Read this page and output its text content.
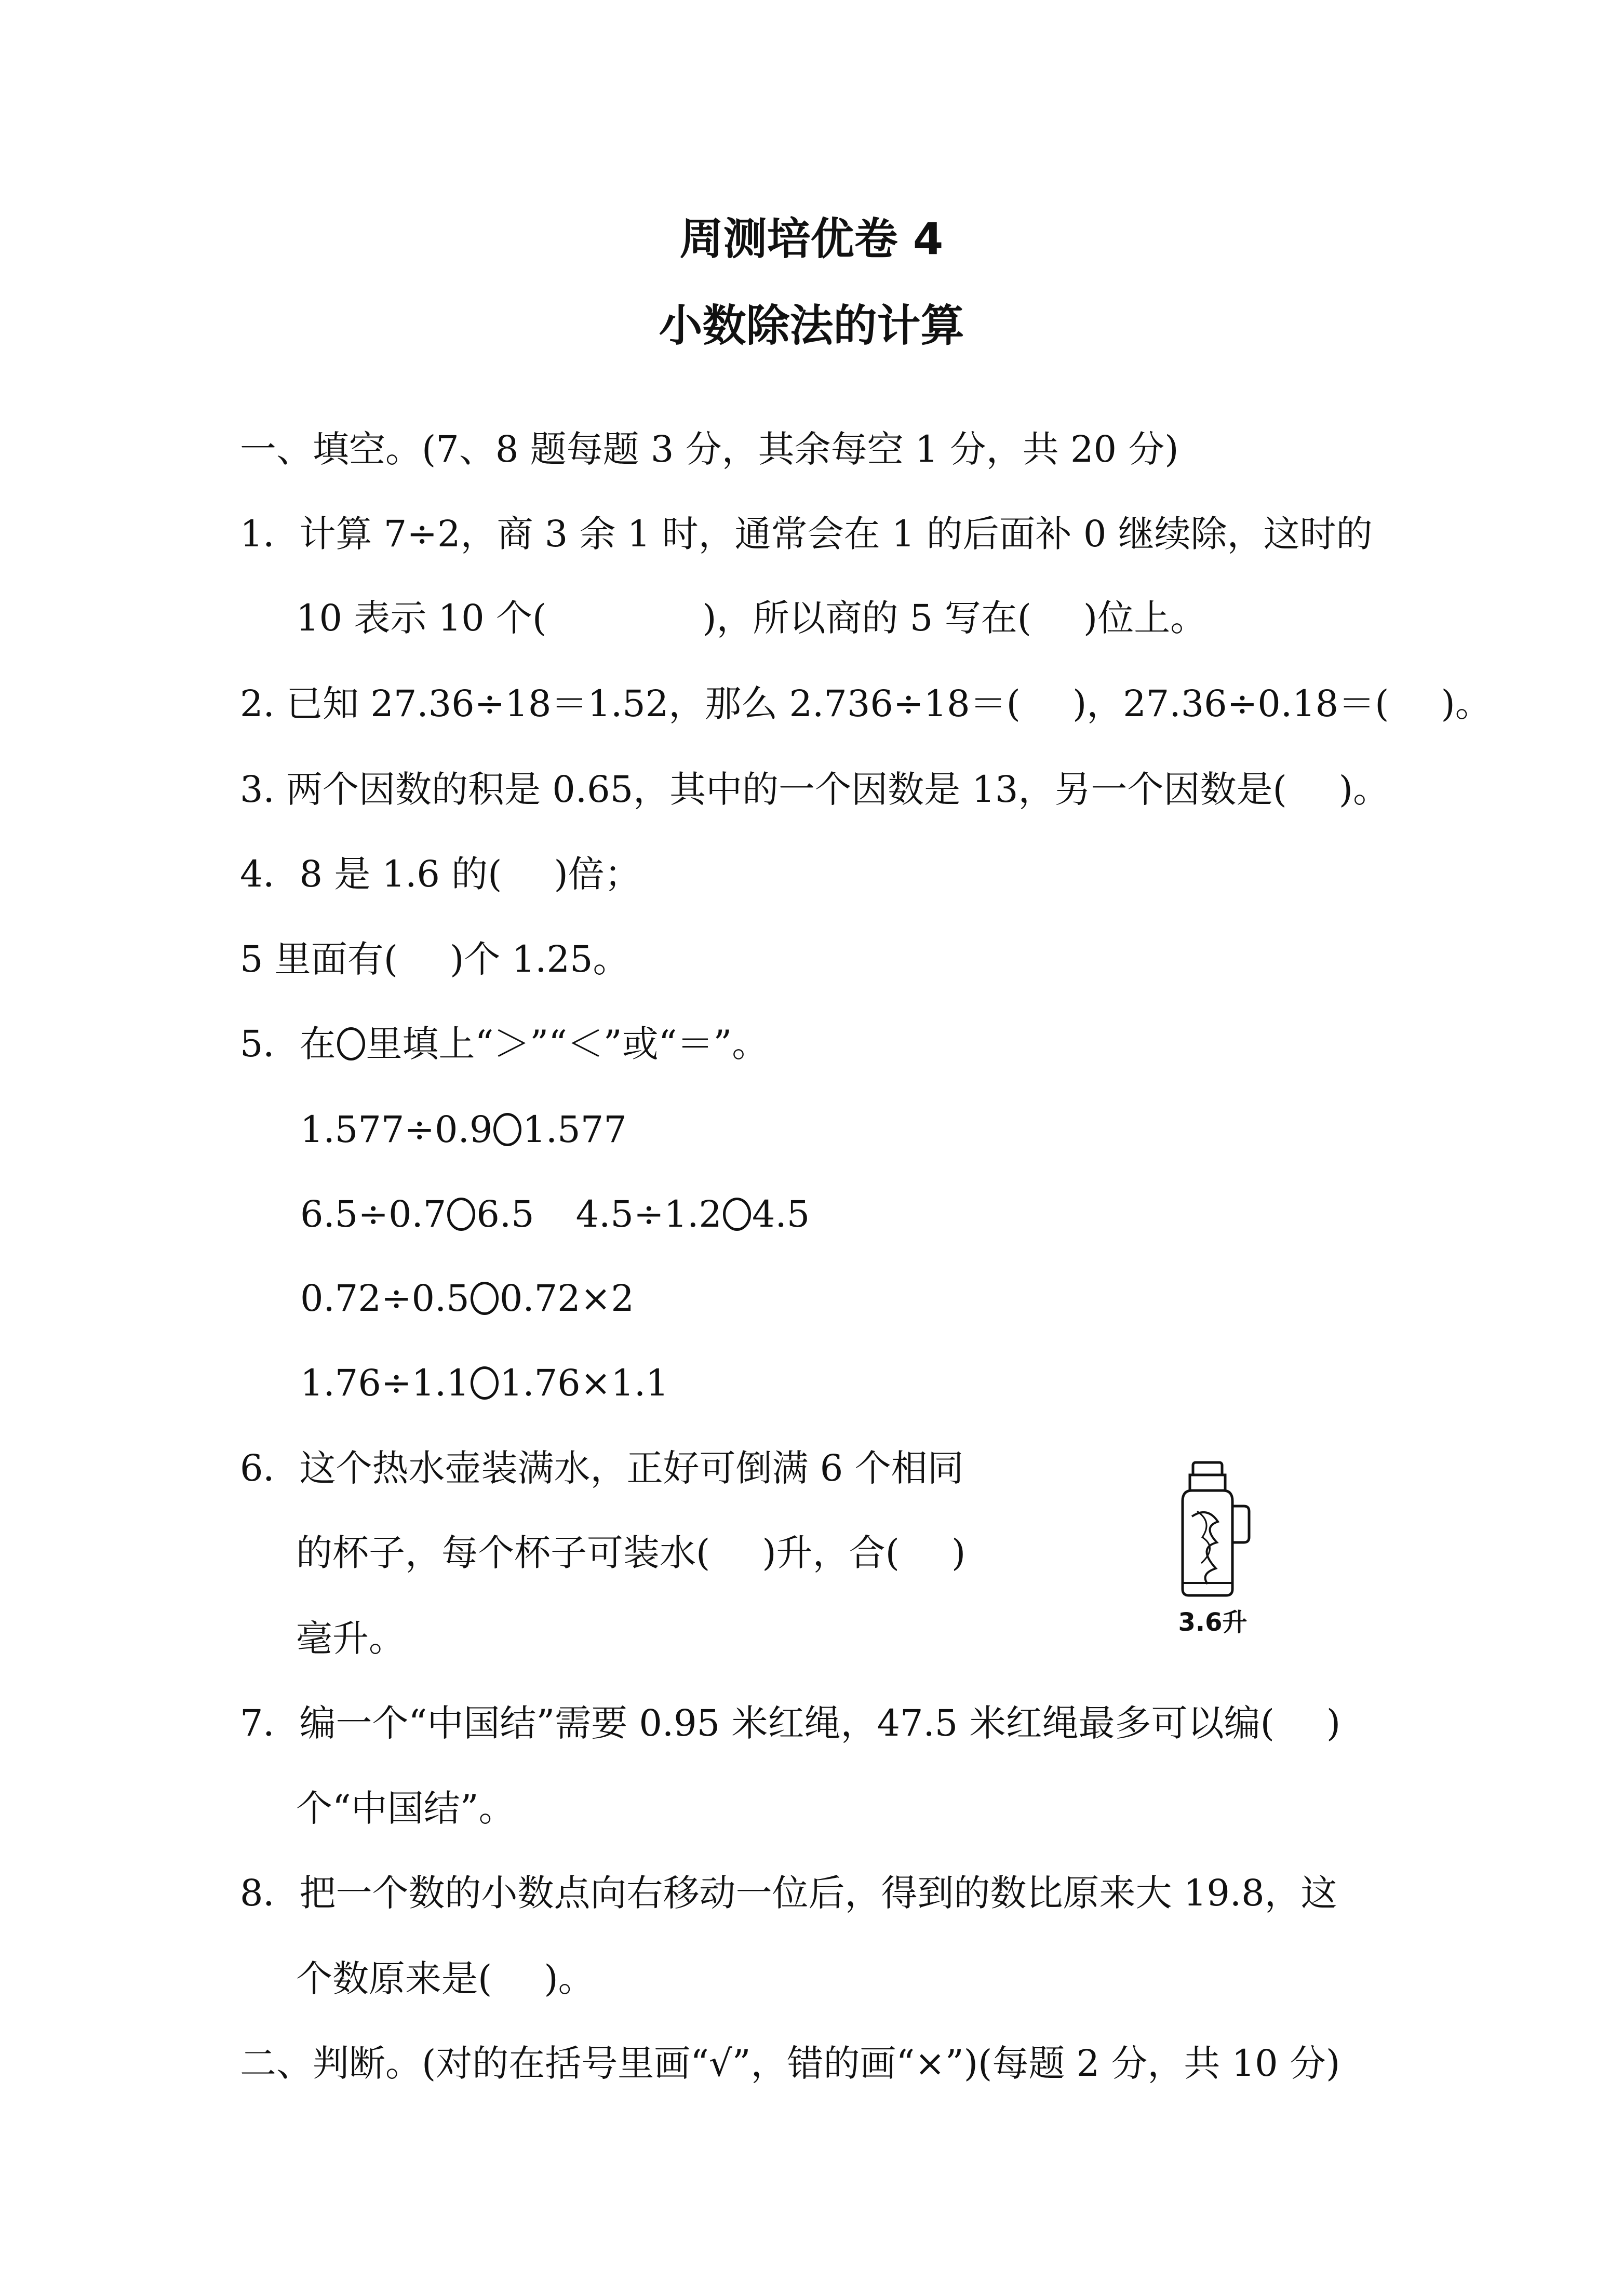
周测培优卷 4
小数除法的计算
一、填空。(7、8 题每题 3 分，其余每空 1 分，共 20 分)
1．计算 7÷2，商 3 余 1 时，通常会在 1 的后面补 0 继续除，这时的
10 表示 10 个(	)，所以商的 5 写在( )位上。
2. 已知 27.36÷18＝1.52，那么 2.736÷18＝( )，27.36÷0.18＝( )。
3. 两个因数的积是 0.65，其中的一个因数是 13，另一个因数是( )。
4．8 是 1.6 的( )倍；
5 里面有( )个 1.25。
5．在 里填上“＞”“＜”或“＝”。
1.577÷0.9 1.577
6.5÷0.7 6.5 4.5÷1.2 4.5
0.72÷0.5 0.72×2
1.76÷1.1 1.76×1.1
6．这个热水壶装满水，正好可倒满 6 个相同
的杯子，每个杯子可装水( )升，合( )
毫升。	3.6升
7．编一个“中国结”需要 0.95 米红绳，47.5 米红绳最多可以编( )
个“中国结”。
8．把一个数的小数点向右移动一位后，得到的数比原来大 19.8，这
个数原来是( )。
二、判断。(对的在括号里画“√”，错的画“×”)(每题 2 分，共 10 分)
